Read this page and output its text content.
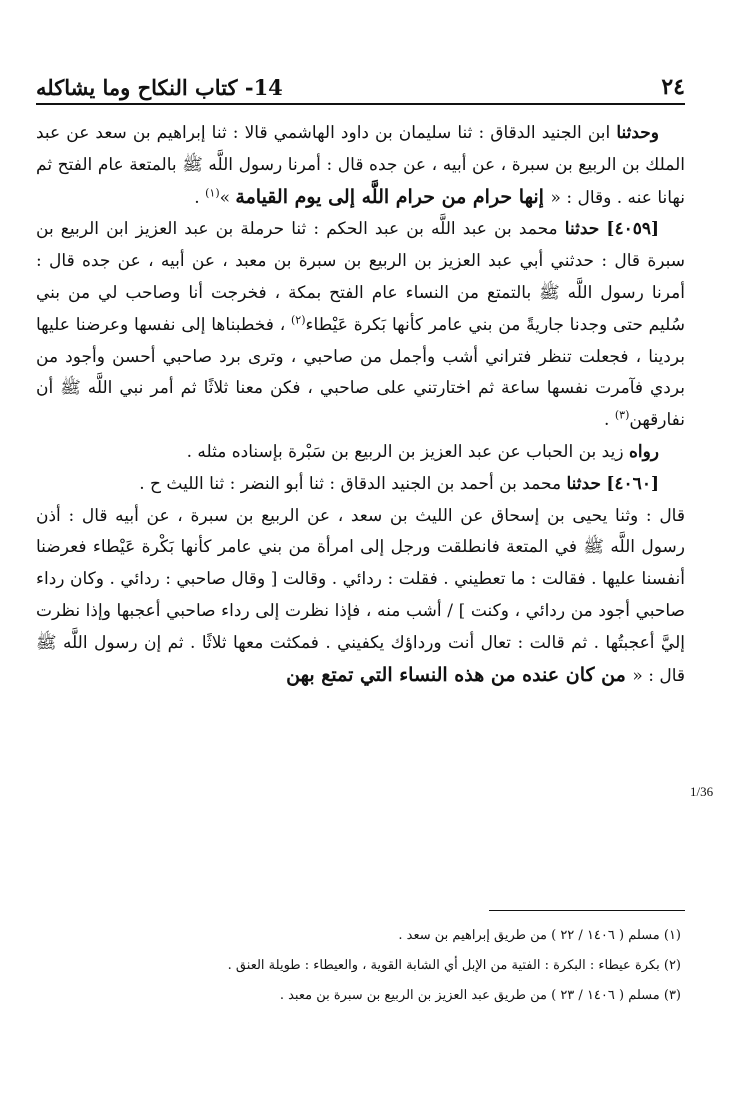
٢٤
14- كتاب النكاح وما يشاكله

وحدثنا ابن الجنيد الدقاق : ثنا سليمان بن داود الهاشمي قالا : ثنا إبراهيم بن سعد عن عبد الملك بن الربيع بن سبرة ، عن أبيه ، عن جده قال : أمرنا رسول اللَّه ﷺ بالمتعة عام الفتح ثم نهانا عنه . وقال : « إنها حرام من حرام اللَّه إلى يوم القيامة »$^{(١)}$ .

[٤٠٥٩] حدثنا محمد بن عبد اللَّه بن عبد الحكم : ثنا حرملة بن عبد العزيز ابن الربيع بن سبرة قال : حدثني أبي عبد العزيز بن الربيع بن سبرة بن معبد ، عن أبيه ، عن جده قال : أمرنا رسول اللَّه ﷺ بالتمتع من النساء عام الفتح بمكة ، فخرجت أنا وصاحب لي من بني سُليم حتى وجدنا جاريةً من بني عامر كأنها بَكرة عَيْطاء$^{(٢)}$ ، فخطبناها إلى نفسها وعرضنا عليها بردينا ، فجعلت تنظر فتراني أشب وأجمل من صاحبي ، وترى برد صاحبي أحسن وأجود من بردي فآمرت نفسها ساعة ثم اختارتني على صاحبي ، فكن معنا ثلاثًا ثم أمر نبي اللَّه ﷺ أن نفارقهن$^{(٣)}$ .

رواه زيد بن الحباب عن عبد العزيز بن الربيع بن سَبْرة بإسناده مثله .

[٤٠٦٠] حدثنا محمد بن أحمد بن الجنيد الدقاق : ثنا أبو النضر : ثنا الليث ح .

قال : وثنا يحيى بن إسحاق عن الليث بن سعد ، عن الربيع بن سبرة ، عن أبيه قال : أذن رسول اللَّه ﷺ في المتعة فانطلقت ورجل إلى امرأة من بني عامر كأنها بَكْرة عَيْطاء فعرضنا أنفسنا عليها . فقالت : ما تعطيني . فقلت : ردائي . وقالت [ وقال صاحبي : ردائي . وكان رداء صاحبي أجود من ردائي ، وكنت ] / أشب منه ، فإذا نظرت إلى رداء صاحبي أعجبها وإذا نظرت إليَّ أعجبتُها . ثم قالت : تعال أنت ورداؤك يكفيني . فمكثت معها ثلاثًا . ثم إن رسول اللَّه ﷺ قال : « من كان عنده من هذه النساء التي تمتع بهن

1/36

(١) مسلم ( ١٤٠٦ / ٢٢ ) من طريق إبراهيم بن سعد .

(٢) بكرة عيطاء : البكرة : الفتية من الإبل أي الشابة القوية ، والعيطاء : طويلة العنق .

(٣) مسلم ( ١٤٠٦ / ٢٣ ) من طريق عبد العزيز بن الربيع بن سبرة بن معبد .
